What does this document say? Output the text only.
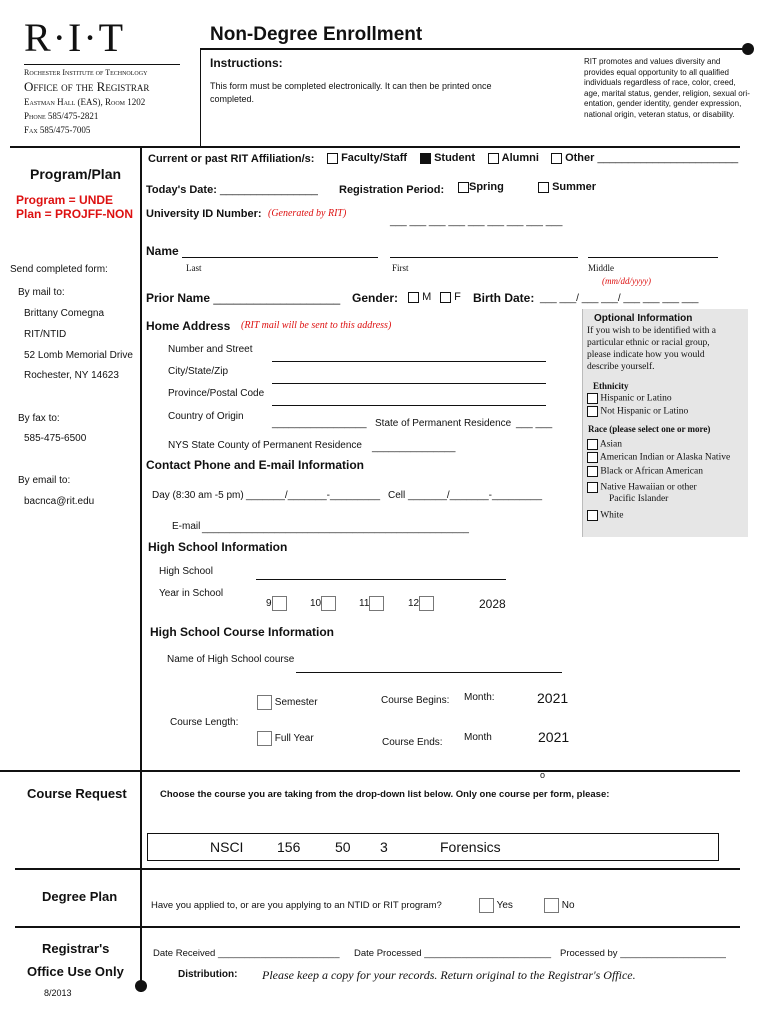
R·I·T
Rochester Institute of Technology
Office of the Registrar
Eastman Hall (EAS), Room 1202
Phone 585/475-2821
Fax 585/475-7005
Non-Degree Enrollment
Instructions:
This form must be completed electronically. It can then be printed once
completed.
RIT promotes and values diversity and
provides equal opportunity to all qualified
individuals regardless of race, color, creed,
age, marital status, gender, religion, sexual ori-
entation, gender identity, gender expression,
national origin, veteran status, or disability.
Program/Plan
Program = UNDE
Plan = PROJFF-NON
Send completed form:
By mail to:
Brittany Comegna
RIT/NTID
52 Lomb Memorial Drive
Rochester, NY 14623
By fax to:
585-475-6500
By email to:
bacnca@rit.edu
Current or past RIT Affiliation/s:	Faculty/Staff	Student	Alumni	Other _______________________
Today's Date: ________________ Registration Period:	Spring	Summer
University ID Number: (Generated by RIT)
___ ___ ___ ___ ___ ___ ___ ___ ___
Name
Last	First	Middle
(mm/dd/yyyy)
Prior Name ___________________ Gender:	M	F Birth Date: ___ ___/ ___ ___/ ___ ___ ___ ___
Home Address (RIT mail will be sent to this address)
Number and Street
City/State/Zip
Province/Postal Code
Country of Origin
_________________ State of Permanent Residence ___ ___
NYS State County of Permanent Residence _______________
Optional Information
If you wish to be identified with a
particular ethnic or racial group,
please indicate how you would
describe yourself.
Ethnicity
Hispanic or Latino
Not Hispanic or Latino
Race (please select one or more)
Asian
American Indian or Alaska Native
Black or African American
Native Hawaiian or other
Pacific Islander
White
Contact Phone and E-mail Information
Day (8:30 am -5 pm) _______/_______-_________ Cell _______/_______-_________
E-mail ________________________________________________
High School Information
High School
Year in School
9	10	11	12	2028
High School Course Information
Name of High School course
Semester	Course Begins: Month:	2021
Course Length:
Full Year	Month	2021
Course Ends:
o
Course Request	Choose the course you are taking from the drop-down list below. Only one course per form, please:
NSCI 156 50 3	Forensics
Degree Plan
Have you applied to, or are you applying to an NTID or RIT program?	Yes	No
Registrar's
Office Use Only
8/2013
Date Received _______________________ Date Processed ________________________ Processed by ____________________
Distribution: Please keep a copy for your records. Return original to the Registrar's Office.
